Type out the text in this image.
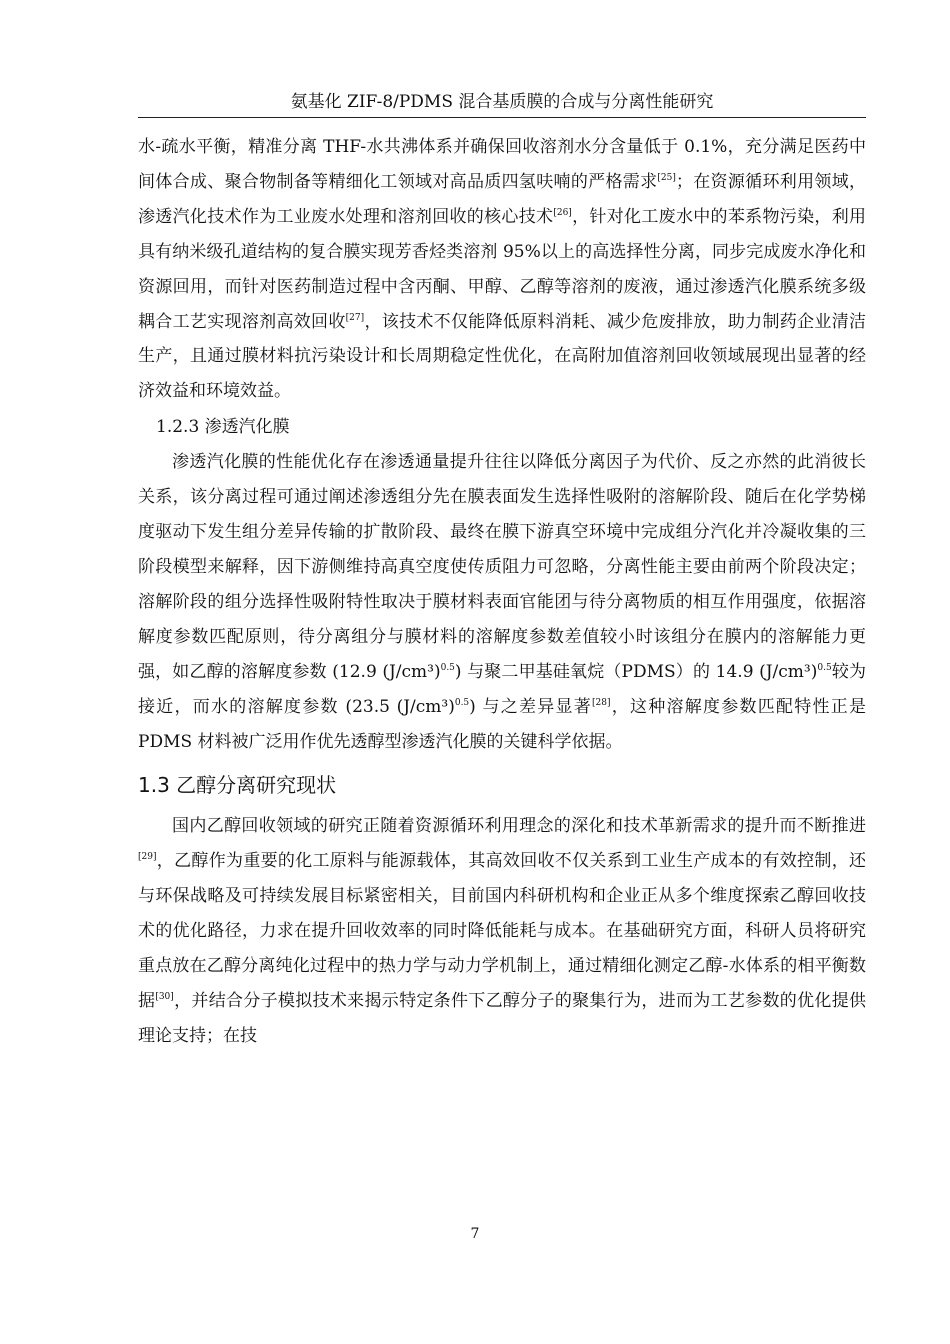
氨基化 ZIF-8/PDMS 混合基质膜的合成与分离性能研究

水-疏水平衡，精准分离 THF-水共沸体系并确保回收溶剂水分含量低于 0.1%，充分满足医药中间体合成、聚合物制备等精细化工领域对高品质四氢呋喃的严格需求[25]；在资源循环利用领域，渗透汽化技术作为工业废水处理和溶剂回收的核心技术[26]，针对化工废水中的苯系物污染，利用具有纳米级孔道结构的复合膜实现芳香烃类溶剂 95%以上的高选择性分离，同步完成废水净化和资源回用，而针对医药制造过程中含丙酮、甲醇、乙醇等溶剂的废液，通过渗透汽化膜系统多级耦合工艺实现溶剂高效回收[27]，该技术不仅能降低原料消耗、减少危废排放，助力制药企业清洁生产，且通过膜材料抗污染设计和长周期稳定性优化，在高附加值溶剂回收领域展现出显著的经济效益和环境效益。

1.2.3 渗透汽化膜

渗透汽化膜的性能优化存在渗透通量提升往往以降低分离因子为代价、反之亦然的此消彼长关系，该分离过程可通过阐述渗透组分先在膜表面发生选择性吸附的溶解阶段、随后在化学势梯度驱动下发生组分差异传输的扩散阶段、最终在膜下游真空环境中完成组分汽化并冷凝收集的三阶段模型来解释，因下游侧维持高真空度使传质阻力可忽略，分离性能主要由前两个阶段决定；溶解阶段的组分选择性吸附特性取决于膜材料表面官能团与待分离物质的相互作用强度，依据溶解度参数匹配原则，待分离组分与膜材料的溶解度参数差值较小时该组分在膜内的溶解能力更强，如乙醇的溶解度参数 (12.9 $(J/cm^3)^{0.5}$) 与聚二甲基硅氧烷（PDMS）的 14.9 $(J/cm^3)^{0.5}$较为接近，而水的溶解度参数 (23.5 $(J/cm^3)^{0.5}$) 与之差异显著[28]，这种溶解度参数匹配特性正是 PDMS 材料被广泛用作优先透醇型渗透汽化膜的关键科学依据。

1.3 乙醇分离研究现状

国内乙醇回收领域的研究正随着资源循环利用理念的深化和技术革新需求的提升而不断推进[29]，乙醇作为重要的化工原料与能源载体，其高效回收不仅关系到工业生产成本的有效控制，还与环保战略及可持续发展目标紧密相关，目前国内科研机构和企业正从多个维度探索乙醇回收技术的优化路径，力求在提升回收效率的同时降低能耗与成本。在基础研究方面，科研人员将研究重点放在乙醇分离纯化过程中的热力学与动力学机制上，通过精细化测定乙醇-水体系的相平衡数据[30]，并结合分子模拟技术来揭示特定条件下乙醇分子的聚集行为，进而为工艺参数的优化提供理论支持；在技

7
